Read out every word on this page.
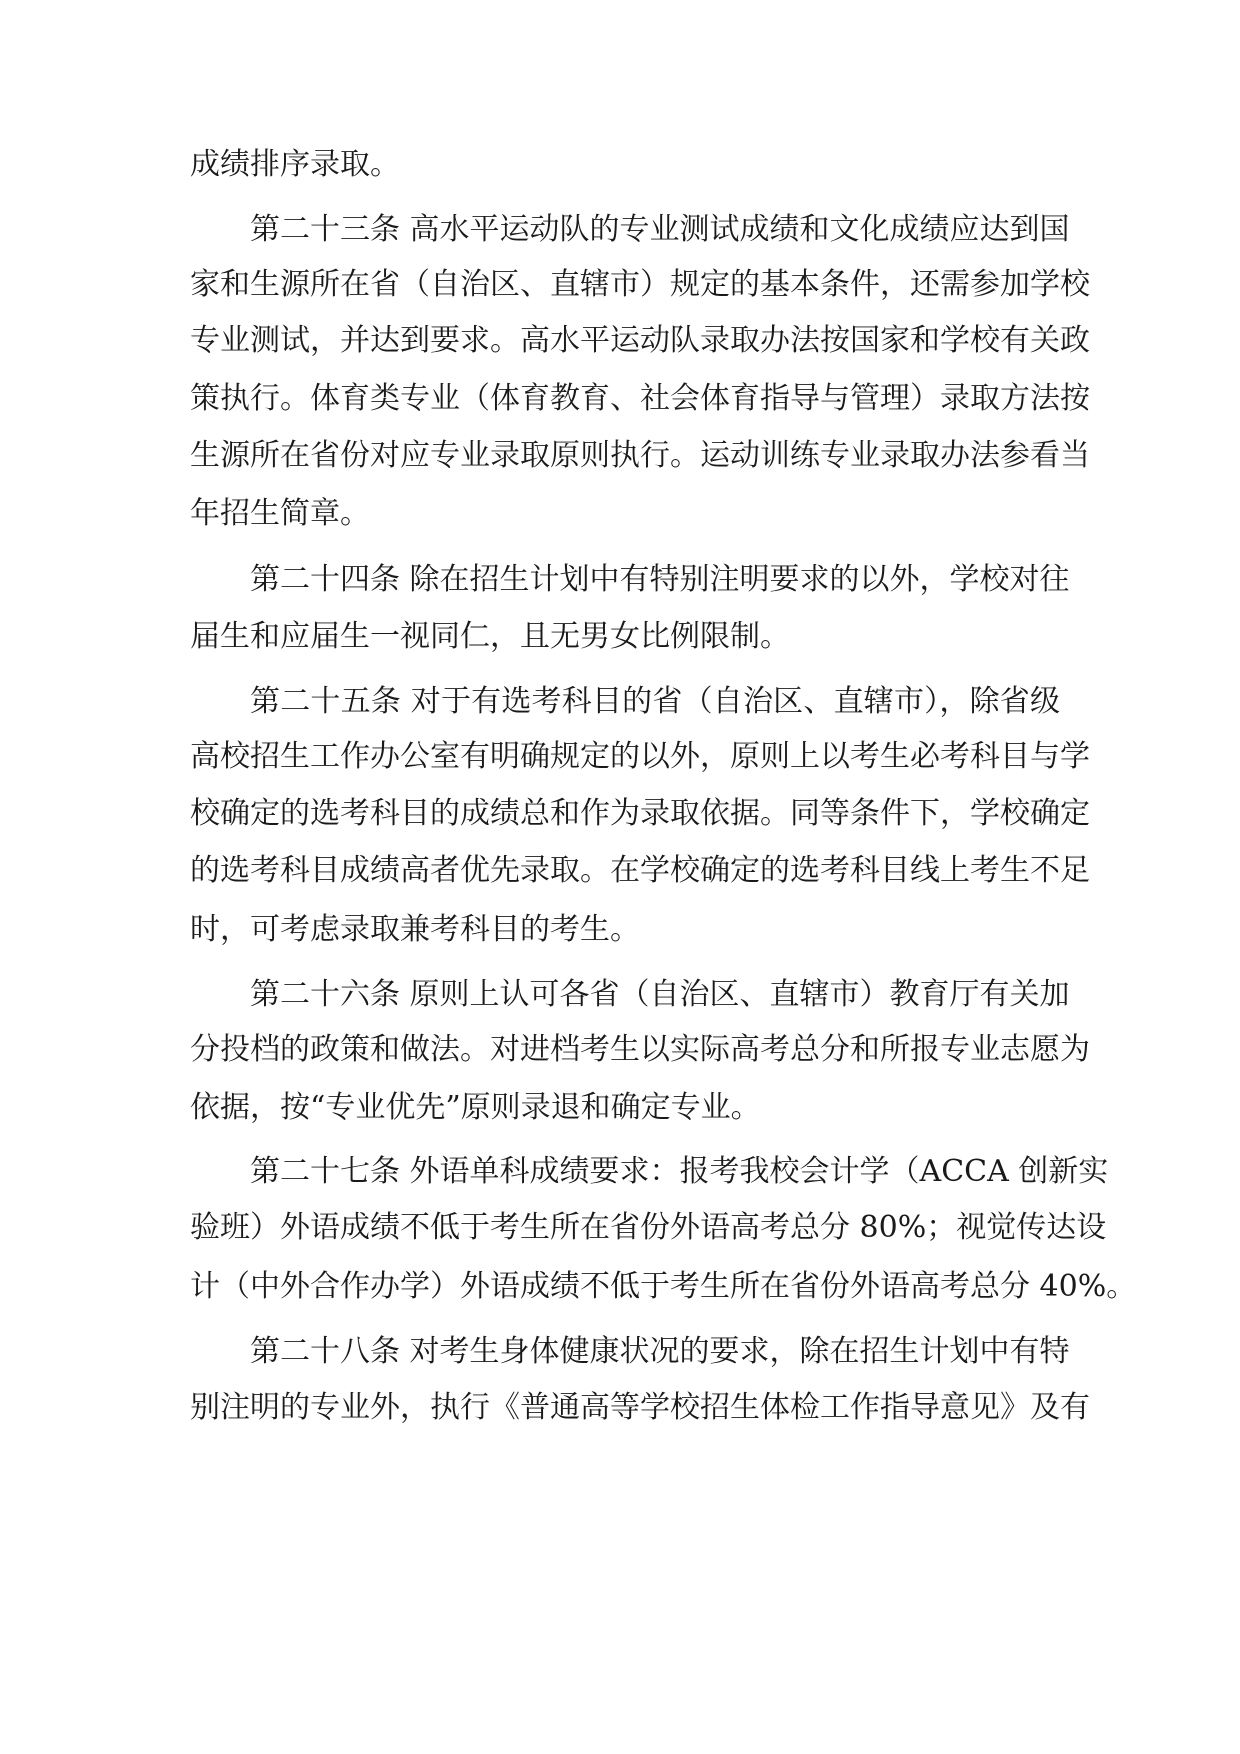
成绩排序录取。
第二十三条 高水平运动队的专业测试成绩和文化成绩应达到国
家和生源所在省（自治区、直辖市）规定的基本条件，还需参加学校
专业测试，并达到要求。高水平运动队录取办法按国家和学校有关政
策执行。体育类专业（体育教育、社会体育指导与管理）录取方法按
生源所在省份对应专业录取原则执行。运动训练专业录取办法参看当
年招生简章。
第二十四条 除在招生计划中有特别注明要求的以外，学校对往
届生和应届生一视同仁，且无男女比例限制。
第二十五条 对于有选考科目的省（自治区、直辖市），除省级
高校招生工作办公室有明确规定的以外，原则上以考生必考科目与学
校确定的选考科目的成绩总和作为录取依据。同等条件下，学校确定
的选考科目成绩高者优先录取。在学校确定的选考科目线上考生不足
时，可考虑录取兼考科目的考生。
第二十六条 原则上认可各省（自治区、直辖市）教育厅有关加
分投档的政策和做法。对进档考生以实际高考总分和所报专业志愿为
依据，按“专业优先”原则录退和确定专业。
第二十七条 外语单科成绩要求：报考我校会计学（ACCA 创新实
验班）外语成绩不低于考生所在省份外语高考总分 80%；视觉传达设
计（中外合作办学）外语成绩不低于考生所在省份外语高考总分 40%。
第二十八条 对考生身体健康状况的要求，除在招生计划中有特
别注明的专业外，执行《普通高等学校招生体检工作指导意见》及有
